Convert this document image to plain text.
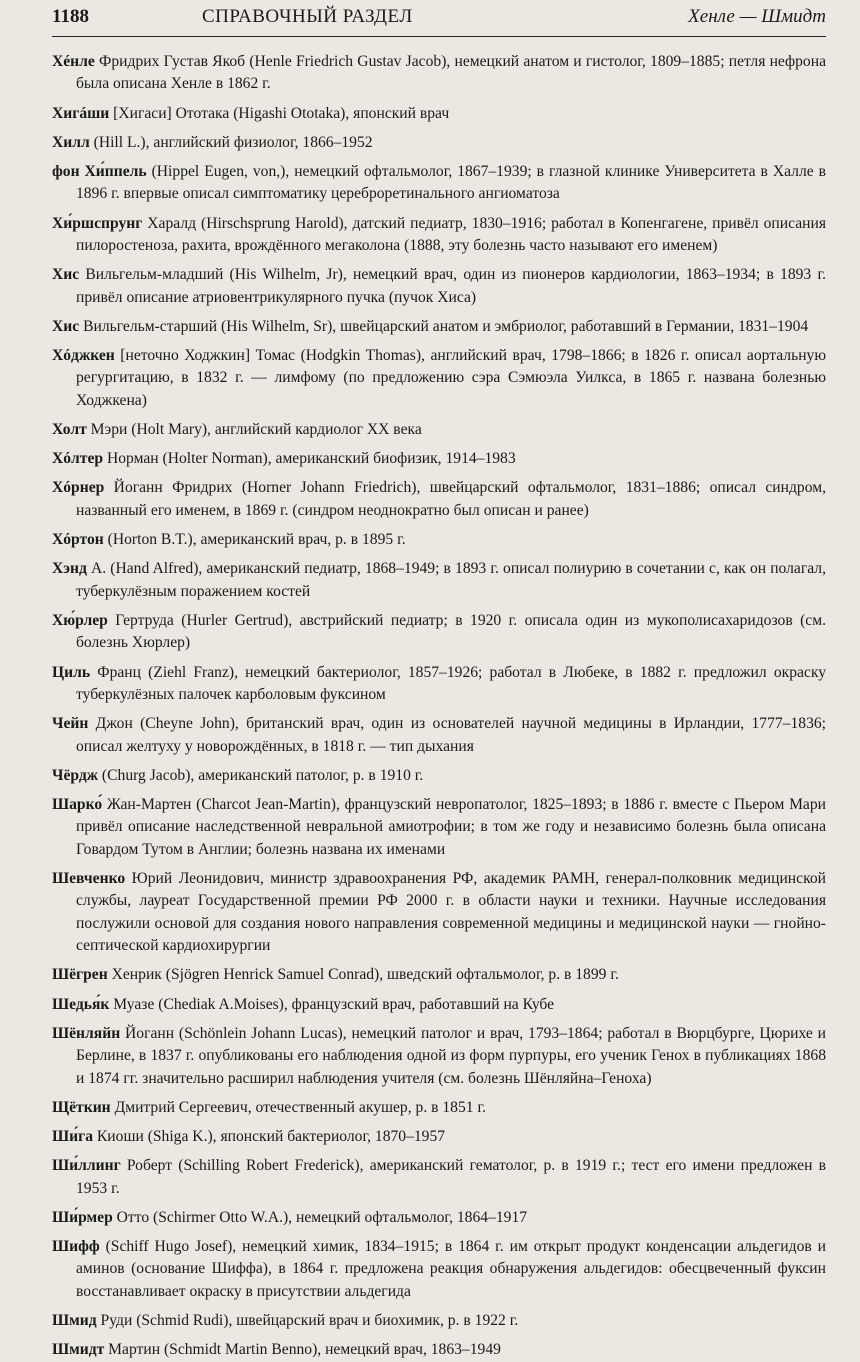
1188	СПРАВОЧНЫЙ РАЗДЕЛ	Хенле — Шмидт
Хéнле Фридрих Густав Якоб (Henle Friedrich Gustav Jacob), немецкий анатом и гистолог, 1809–1885; петля нефрона была описана Хенле в 1862 г.
Хигáши [Хигаси] Ототака (Higashi Ototaka), японский врач
Хилл (Hill L.), английский физиолог, 1866–1952
фон Хи́ппель (Hippel Eugen, von,), немецкий офтальмолог, 1867–1939; в глазной клинике Университета в Халле в 1896 г. впервые описал симптоматику цереброретинального ангиоматоза
Хи́ршспрунг Харалд (Hirschsprung Harold), датский педиатр, 1830–1916; работал в Копенгагене, привёл описания пилоростеноза, рахита, врождённого мегаколона (1888, эту болезнь часто называют его именем)
Хис Вильгельм-младший (His Wilhelm, Jr), немецкий врач, один из пионеров кардиологии, 1863–1934; в 1893 г. привёл описание атриовентрикулярного пучка (пучок Хиса)
Хис Вильгельм-старший (His Wilhelm, Sr), швейцарский анатом и эмбриолог, работавший в Германии, 1831–1904
Хóджкен [неточно Ходжкин] Томас (Hodgkin Thomas), английский врач, 1798–1866; в 1826 г. описал аортальную регургитацию, в 1832 г. — лимфому (по предложению сэра Сэмюэла Уилкса, в 1865 г. названа болезнью Ходжкена)
Холт Мэри (Holt Mary), английский кардиолог XX века
Хóлтер Норман (Holter Norman), американский биофизик, 1914–1983
Хóрнер Йоганн Фридрих (Horner Johann Friedrich), швейцарский офтальмолог, 1831–1886; описал синдром, названный его именем, в 1869 г. (синдром неоднократно был описан и ранее)
Хóртон (Horton B.T.), американский врач, р. в 1895 г.
Хэнд А. (Hand Alfred), американский педиатр, 1868–1949; в 1893 г. описал полиурию в сочетании с, как он полагал, туберкулёзным поражением костей
Хю́рлер Гертруда (Hurler Gertrud), австрийский педиатр; в 1920 г. описала один из мукополисахаридозов (см. болезнь Хюрлер)
Циль Франц (Ziehl Franz), немецкий бактериолог, 1857–1926; работал в Любеке, в 1882 г. предложил окраску туберкулёзных палочек карболовым фуксином
Чейн Джон (Cheyne John), британский врач, один из основателей научной медицины в Ирландии, 1777–1836; описал желтуху у новорождённых, в 1818 г. — тип дыхания
Чёрдж (Churg Jacob), американский патолог, р. в 1910 г.
Шарко́ Жан-Мартен (Charcot Jean-Martin), французский невропатолог, 1825–1893; в 1886 г. вместе с Пьером Мари привёл описание наследственной невральной амиотрофии; в том же году и независимо болезнь была описана Говардом Тутом в Англии; болезнь названа их именами
Шевченко Юрий Леонидович, министр здравоохранения РФ, академик РАМН, генерал-полковник медицинской службы, лауреат Государственной премии РФ 2000 г. в области науки и техники. Научные исследования послужили основой для создания нового направления современной медицины и медицинской науки — гнойно-септической кардиохирургии
Шёгрен Хенрик (Sjögren Henrick Samuel Conrad), шведский офтальмолог, р. в 1899 г.
Шедья́к Муазе (Chediak A.Moises), французский врач, работавший на Кубе
Шёнляйн Йоганн (Schönlein Johann Lucas), немецкий патолог и врач, 1793–1864; работал в Вюрцбурге, Цюрихе и Берлине, в 1837 г. опубликованы его наблюдения одной из форм пурпуры, его ученик Генох в публикациях 1868 и 1874 гг. значительно расширил наблюдения учителя (см. болезнь Шёнляйна–Геноха)
Щёткин Дмитрий Сергеевич, отечественный акушер, р. в 1851 г.
Ши́га Киоши (Shiga K.), японский бактериолог, 1870–1957
Ши́ллинг Роберт (Schilling Robert Frederick), американский гематолог, р. в 1919 г.; тест его имени предложен в 1953 г.
Ши́рмер Отто (Schirmer Otto W.A.), немецкий офтальмолог, 1864–1917
Шифф (Schiff Hugo Josef), немецкий химик, 1834–1915; в 1864 г. им открыт продукт конденсации альдегидов и аминов (основание Шиффа), в 1864 г. предложена реакция обнаружения альдегидов: обесцвеченный фуксин восстанавливает окраску в присутствии альдегида
Шмид Руди (Schmid Rudi), швейцарский врач и биохимик, р. в 1922 г.
Шмидт Мартин (Schmidt Martin Benno), немецкий врач, 1863–1949
